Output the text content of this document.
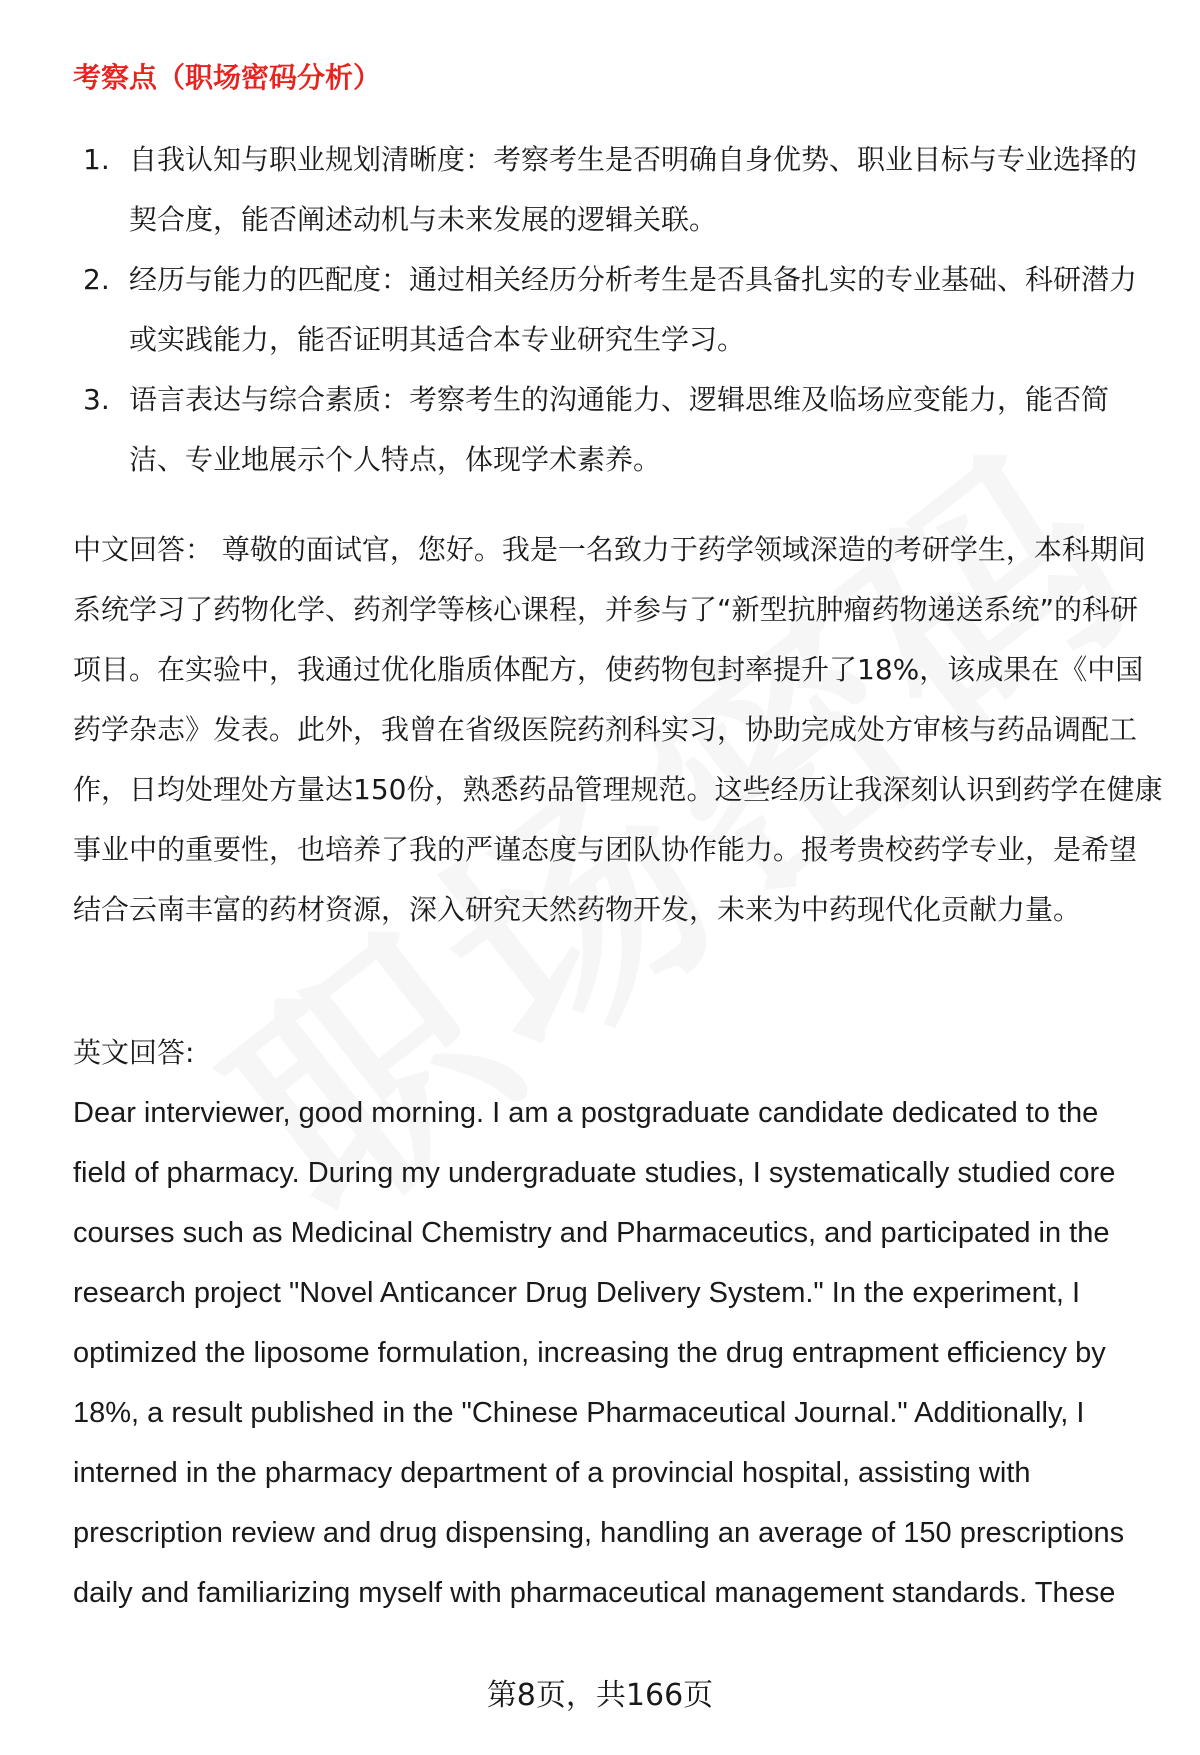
考察点（职场密码分析）
1. 自我认知与职业规划清晰度：考察考生是否明确自身优势、职业目标与专业选择的契合度，能否阐述动机与未来发展的逻辑关联。
2. 经历与能力的匹配度：通过相关经历分析考生是否具备扎实的专业基础、科研潜力或实践能力，能否证明其适合本专业研究生学习。
3. 语言表达与综合素质：考察考生的沟通能力、逻辑思维及临场应变能力，能否简洁、专业地展示个人特点，体现学术素养。

中文回答： 尊敬的面试官，您好。我是一名致力于药学领域深造的考研学生，本科期间系统学习了药物化学、药剂学等核心课程，并参与了“新型抗肿瘤药物递送系统”的科研项目。在实验中，我通过优化脂质体配方，使药物包封率提升了18%，该成果在《中国药学杂志》发表。此外，我曾在省级医院药剂科实习，协助完成处方审核与药品调配工作，日均处理处方量达150份，熟悉药品管理规范。这些经历让我深刻认识到药学在健康事业中的重要性，也培养了我的严谨态度与团队协作能力。报考贵校药学专业，是希望结合云南丰富的药材资源，深入研究天然药物开发，未来为中药现代化贡献力量。

英文回答:

Dear interviewer, good morning. I am a postgraduate candidate dedicated to the field of pharmacy. During my undergraduate studies, I systematically studied core courses such as Medicinal Chemistry and Pharmaceutics, and participated in the research project "Novel Anticancer Drug Delivery System." In the experiment, I optimized the liposome formulation, increasing the drug entrapment efficiency by 18%, a result published in the "Chinese Pharmaceutical Journal." Additionally, I interned in the pharmacy department of a provincial hospital, assisting with prescription review and drug dispensing, handling an average of 150 prescriptions daily and familiarizing myself with pharmaceutical management standards. These

第8页，共166页
